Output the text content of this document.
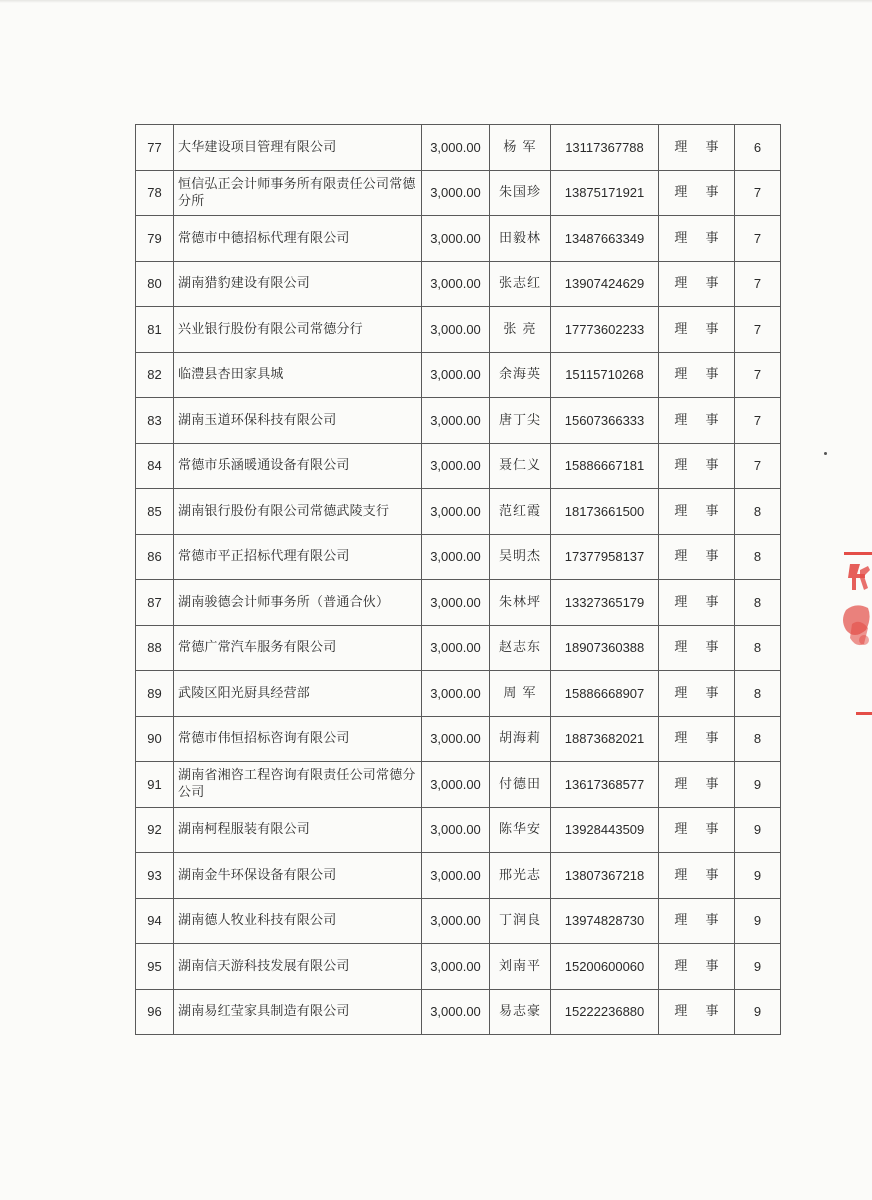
77	大华建设项目管理有限公司	3,000.00	杨 军	13117367788	理 事	6
78	恒信弘正会计师事务所有限责任公司常德分所	3,000.00	朱国珍	13875171921	理 事	7
79	常德市中德招标代理有限公司	3,000.00	田毅林	13487663349	理 事	7
80	湖南猎豹建设有限公司	3,000.00	张志红	13907424629	理 事	7
81	兴业银行股份有限公司常德分行	3,000.00	张 亮	17773602233	理 事	7
82	临澧县杏田家具城	3,000.00	余海英	15115710268	理 事	7
83	湖南玉道环保科技有限公司	3,000.00	唐丁尖	15607366333	理 事	7
84	常德市乐涵暖通设备有限公司	3,000.00	聂仁义	15886667181	理 事	7
85	湖南银行股份有限公司常德武陵支行	3,000.00	范红霞	18173661500	理 事	8
86	常德市平正招标代理有限公司	3,000.00	吴明杰	17377958137	理 事	8
87	湖南骏德会计师事务所（普通合伙）	3,000.00	朱林坪	13327365179	理 事	8
88	常德广常汽车服务有限公司	3,000.00	赵志东	18907360388	理 事	8
89	武陵区阳光厨具经营部	3,000.00	周 军	15886668907	理 事	8
90	常德市伟恒招标咨询有限公司	3,000.00	胡海莉	18873682021	理 事	8
91	湖南省湘咨工程咨询有限责任公司常德分公司	3,000.00	付德田	13617368577	理 事	9
92	湖南柯程服装有限公司	3,000.00	陈华安	13928443509	理 事	9
93	湖南金牛环保设备有限公司	3,000.00	邢光志	13807367218	理 事	9
94	湖南德人牧业科技有限公司	3,000.00	丁润良	13974828730	理 事	9
95	湖南信天游科技发展有限公司	3,000.00	刘南平	15200600060	理 事	9
96	湖南易红莹家具制造有限公司	3,000.00	易志豪	15222236880	理 事	9
